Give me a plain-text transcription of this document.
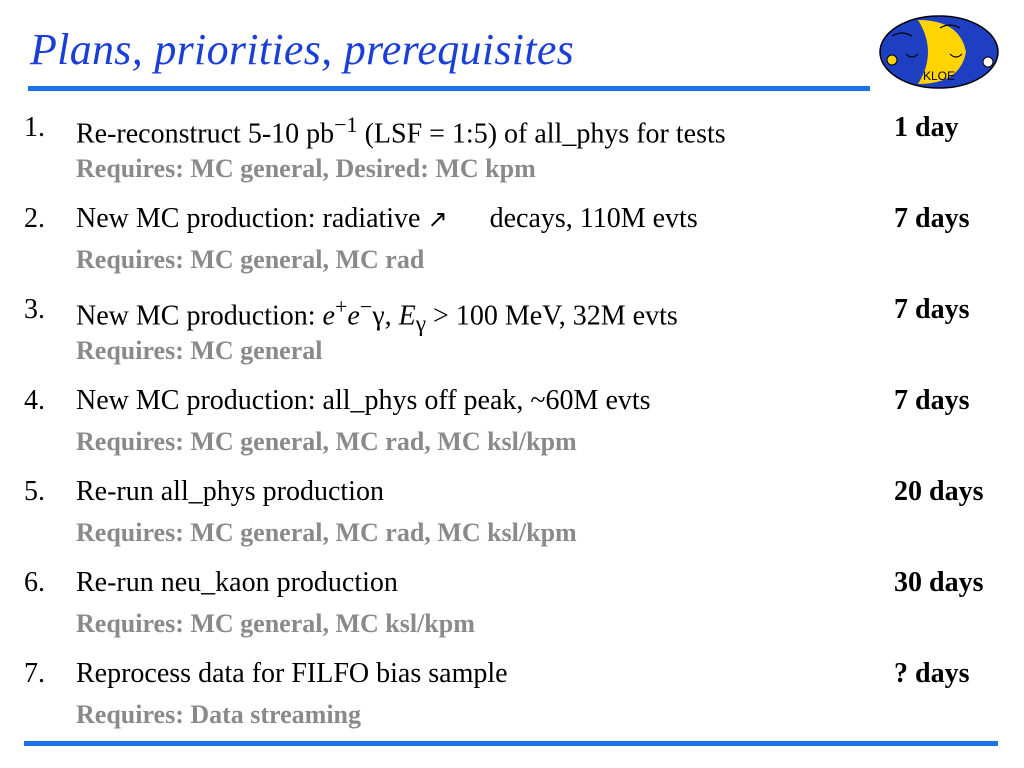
Plans, priorities, prerequisites
KLOE
1. Re-reconstruct 5-10 $pb^{-1}$ (LSF = 1:5) of all_phys for tests
Requires: MC general, Desired: MC kpm
1 day
2. New MC production: radiative ↗ decays, 110M evts
Requires: MC general, MC rad
7 days
3. New MC production: e+e−γ, $E_\gamma > 100$ MeV, 32M evts
Requires: MC general
7 days
4. New MC production: all_phys off peak, ~60M evts
Requires: MC general, MC rad, MC ksl/kpm
7 days
5. Re-run all_phys production
Requires: MC general, MC rad, MC ksl/kpm
20 days
6. Re-run neu_kaon production
Requires: MC general, MC ksl/kpm
30 days
7. Reprocess data for FILFO bias sample
Requires: Data streaming
? days
